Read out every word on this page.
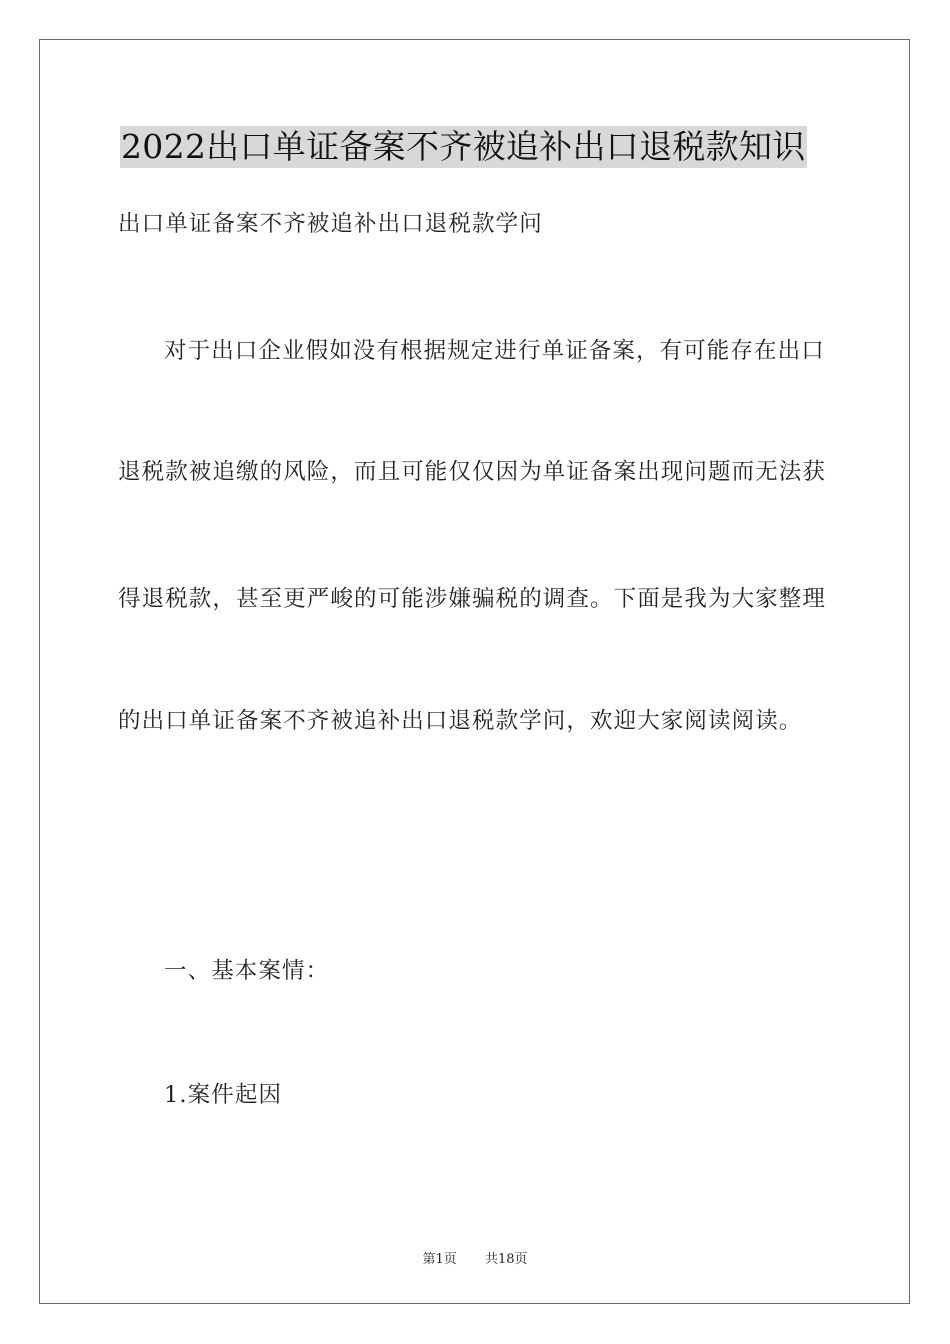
2022出口单证备案不齐被追补出口退税款知识
出口单证备案不齐被追补出口退税款学问
对于出口企业假如没有根据规定进行单证备案，有可能存在出口
退税款被追缴的风险，而且可能仅仅因为单证备案出现问题而无法获
得退税款，甚至更严峻的可能涉嫌骗税的调查。下面是我为大家整理
的出口单证备案不齐被追补出口退税款学问，欢迎大家阅读阅读。
一、基本案情：
1.案件起因
第1页 共18页
